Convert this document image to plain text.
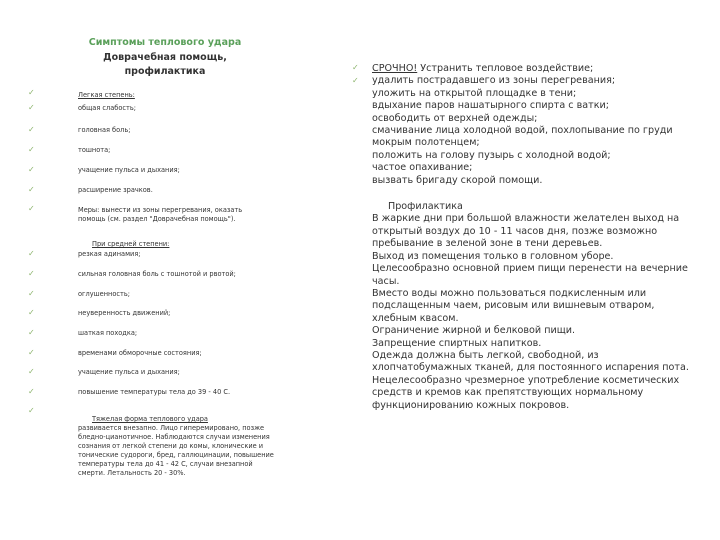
Симптомы теплового удара
Доврачебная помощь,
профилактика
✓	Легкая степень:
✓	общая слабость;
✓	головная боль;
✓	тошнота;
✓	учащение пульса и дыхания;
✓	расширение зрачков.
✓	Меры: вынести из зоны перегревания, оказать помощь (см. раздел "Доврачебная помощь").
При средней степени:
✓	резкая адинамия;
✓	сильная головная боль с тошнотой и рвотой;
✓	оглушенность;
✓	неуверенность движений;
✓	шаткая походка;
✓	временами обморочные состояния;
✓	учащение пульса и дыхания;
✓	повышение температуры тела до 39 - 40 С.
✓
Тяжелая форма теплового удара
развивается внезапно. Лицо гиперемировано, позже бледно-цианотичное. Наблюдаются случаи изменения сознания от легкой степени до комы, клонические и тонические судороги, бред, галлюцинации, повышение температуры тела до 41 - 42 С, случаи внезапной смерти. Летальность 20 - 30%.
✓
✓
СРОЧНО! Устранить тепловое воздействие;
удалить пострадавшего из зоны перегревания;
уложить на открытой площадке в тени;
вдыхание паров нашатырного спирта с ватки;
освободить от верхней одежды;
смачивание лица холодной водой, похлопывание по груди мокрым полотенцем;
положить на голову пузырь с холодной водой;
частое опахивание;
вызвать бригаду скорой помощи.
Профилактика
В жаркие дни при большой влажности желателен выход на открытый воздух до 10 - 11 часов дня, позже возможно пребывание в зеленой зоне в тени деревьев.
Выход из помещения только в головном уборе.
Целесообразно основной прием пищи перенести на вечерние часы.
Вместо воды можно пользоваться подкисленным или подслащенным чаем, рисовым или вишневым отваром, хлебным квасом.
Ограничение жирной и белковой пищи.
Запрещение спиртных напитков.
Одежда должна быть легкой, свободной, из хлопчатобумажных тканей, для постоянного испарения пота.
Нецелесообразно чрезмерное употребление косметических средств и кремов как препятствующих нормальному функционированию кожных покровов.
